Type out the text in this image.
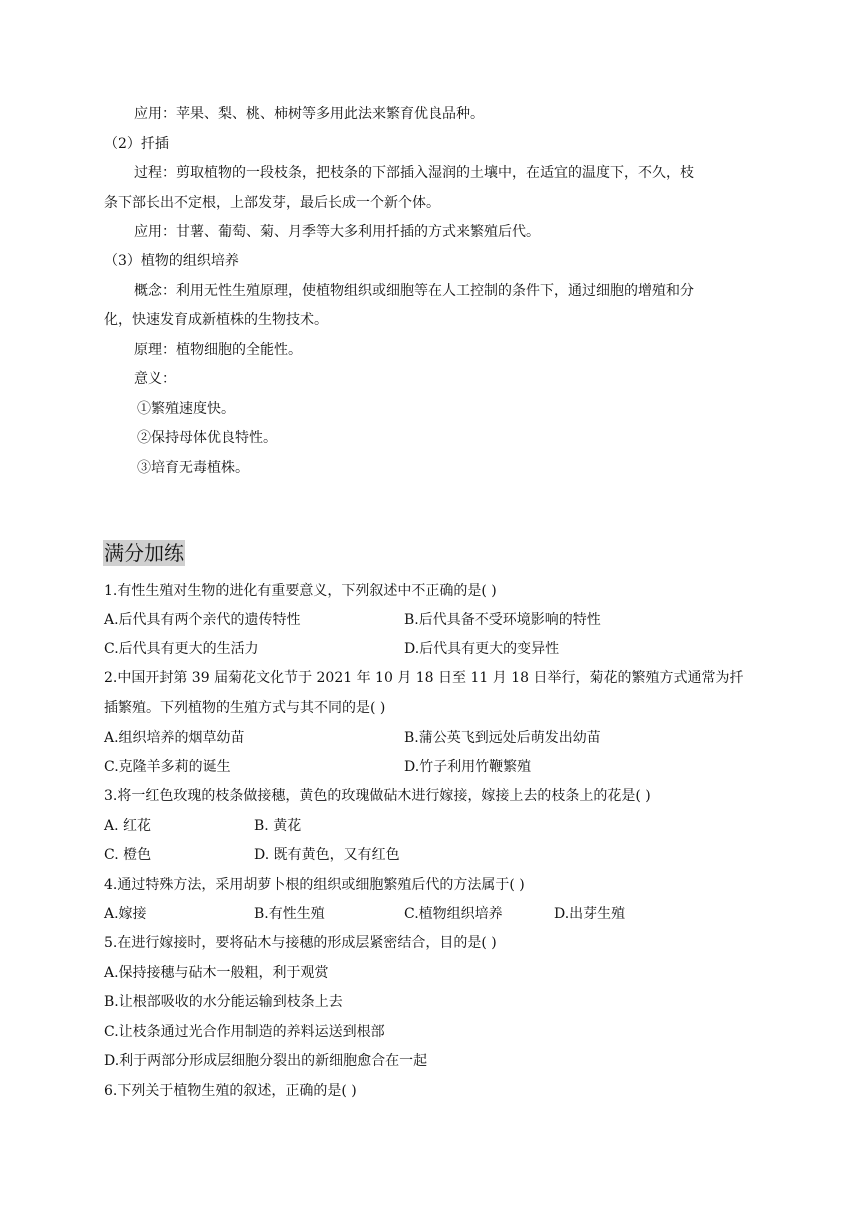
应用：苹果、梨、桃、柿树等多用此法来繁育优良品种。
（2）扦插
过程：剪取植物的一段枝条，把枝条的下部插入湿润的土壤中，在适宜的温度下，不久，枝
条下部长出不定根，上部发芽，最后长成一个新个体。
应用：甘薯、葡萄、菊、月季等大多利用扦插的方式来繁殖后代。
（3）植物的组织培养
概念：利用无性生殖原理，使植物组织或细胞等在人工控制的条件下，通过细胞的增殖和分
化，快速发育成新植株的生物技术。
原理：植物细胞的全能性。
意义：
①繁殖速度快。
②保持母体优良特性。
③培育无毒植株。
满分加练
1.有性生殖对生物的进化有重要意义，下列叙述中不正确的是( )
A.后代具有两个亲代的遗传特性	B.后代具备不受环境影响的特性
C.后代具有更大的生活力	D.后代具有更大的变异性
2.中国开封第 39 届菊花文化节于 2021 年 10 月 18 日至 11 月 18 日举行，菊花的繁殖方式通常为扦
插繁殖。下列植物的生殖方式与其不同的是( )
A.组织培养的烟草幼苗	B.蒲公英飞到远处后萌发出幼苗
C.克隆羊多莉的诞生	D.竹子利用竹鞭繁殖
3.将一红色玫瑰的枝条做接穗，黄色的玫瑰做砧木进行嫁接，嫁接上去的枝条上的花是( )
A. 红花	B. 黄花
C. 橙色	D. 既有黄色，又有红色
4.通过特殊方法，采用胡萝卜根的组织或细胞繁殖后代的方法属于( )
A.嫁接	B.有性生殖	C.植物组织培养	D.出芽生殖
5.在进行嫁接时，要将砧木与接穗的形成层紧密结合，目的是( )
A.保持接穗与砧木一般粗，利于观赏
B.让根部吸收的水分能运输到枝条上去
C.让枝条通过光合作用制造的养料运送到根部
D.利于两部分形成层细胞分裂出的新细胞愈合在一起
6.下列关于植物生殖的叙述，正确的是( )
